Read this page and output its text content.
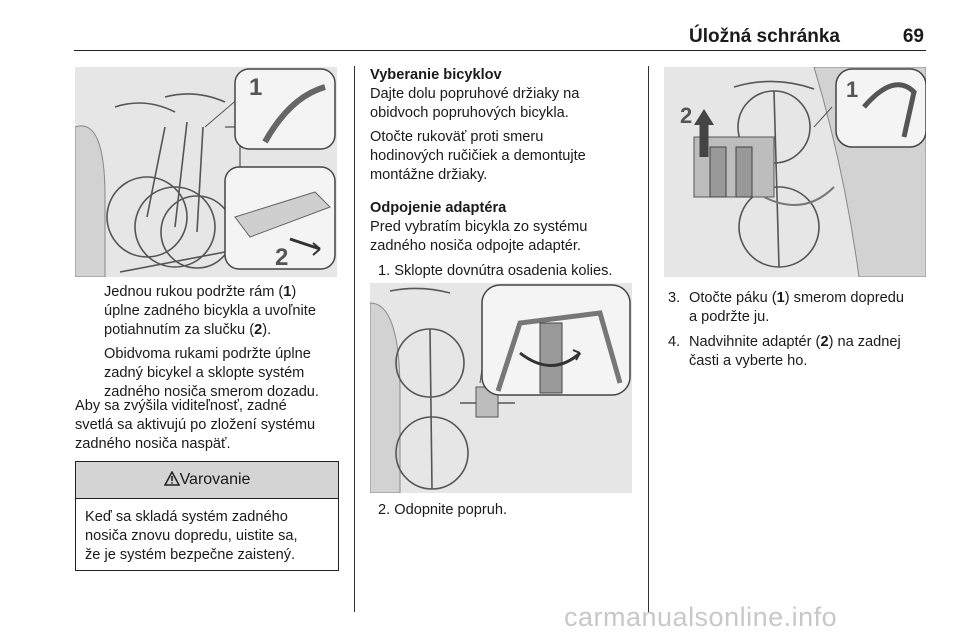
Úložná schránka	69
1
2

Jednou rukou podržte rám (1)
úplne zadného bicykla a uvoľnite
potiahnutím za slučku (2).

Obidvoma rukami podržte úplne
zadný bicykel a sklopte systém
zadného nosiča smerom dozadu.

Aby sa zvýšila viditeľnosť, zadné
svetlá sa aktivujú po zložení systému
zadného nosiča naspäť.

Varovanie
Keď sa skladá systém zadného
nosiča znovu dopredu, uistite sa,
že je systém bezpečne zaistený.

Vyberanie bicyklov

Dajte dolu popruhové držiaky na
obidvoch popruhových bicykla.

Otočte rukoväť proti smeru
hodinových ručičiek a demontujte
montážne držiaky.

Odpojenie adaptéra

Pred vybratím bicykla zo systému
zadného nosiča odpojte adaptér.

1. Sklopte dovnútra osadenia kolies.
2. Odopnite popruh.
2
1
3. Otočte páku (1) smerom dopredu
a podržte ju.
4. Nadvihnite adaptér (2) na zadnej
časti a vyberte ho.
carmanualsonline.info
